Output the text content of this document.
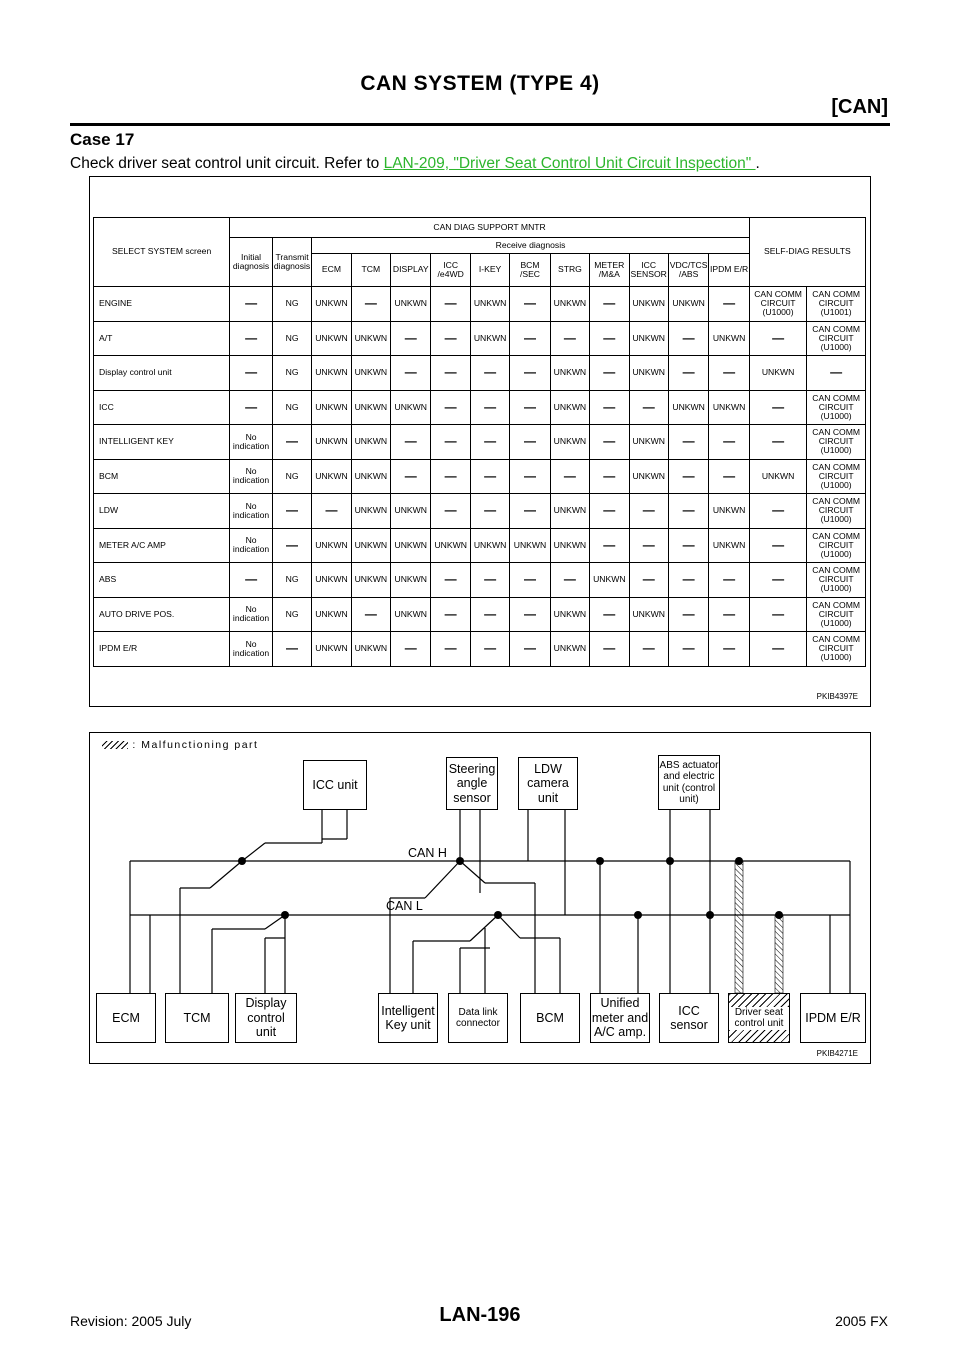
CAN SYSTEM (TYPE 4)
[CAN]
Case 17
Check driver seat control unit circuit. Refer to LAN-209, "Driver Seat Control Unit Circuit Inspection" .
SELECT SYSTEM screen	CAN DIAG SUPPORT MNTR													SELF-DIAG RESULTS	
	Initial diagnosis	Transmit diagnosis	Receive diagnosis												
			ECM	TCM	DISPLAY	ICC /e4WD	I-KEY	BCM /SEC	STRG	METER /M&A	ICC SENSOR	VDC/TCS /ABS	IPDM E/R		
ENGINE	—	NG	UNKWN	—	UNKWN	—	UNKWN	—	UNKWN	—	UNKWN	UNKWN	—	CAN COMM CIRCUIT (U1000)	CAN COMM CIRCUIT (U1001)
A/T	—	NG	UNKWN	UNKWN	—	—	UNKWN	—	—	—	UNKWN	—	UNKWN	—	CAN COMM CIRCUIT (U1000)
Display control unit	—	NG	UNKWN	UNKWN	—	—	—	—	UNKWN	—	UNKWN	—	—	UNKWN	—
ICC	—	NG	UNKWN	UNKWN	UNKWN	—	—	—	UNKWN	—	—	UNKWN	UNKWN	—	CAN COMM CIRCUIT (U1000)
INTELLIGENT KEY	No indication	—	UNKWN	UNKWN	—	—	—	—	UNKWN	—	UNKWN	—	—	—	CAN COMM CIRCUIT (U1000)
BCM	No indication	NG	UNKWN	UNKWN	—	—	—	—	—	—	UNKWN	—	—	UNKWN	CAN COMM CIRCUIT (U1000)
LDW	No indication	—	—	UNKWN	UNKWN	—	—	—	UNKWN	—	—	—	UNKWN	—	CAN COMM CIRCUIT (U1000)
METER A/C AMP	No indication	—	UNKWN	UNKWN	UNKWN	UNKWN	UNKWN	UNKWN	UNKWN	—	—	—	UNKWN	—	CAN COMM CIRCUIT (U1000)
ABS	—	NG	UNKWN	UNKWN	UNKWN	—	—	—	—	UNKWN	—	—	—	—	CAN COMM CIRCUIT (U1000)
AUTO DRIVE POS.	No indication	NG	UNKWN	—	UNKWN	—	—	—	UNKWN	—	UNKWN	—	—	—	CAN COMM CIRCUIT (U1000)
IPDM E/R	No indication	—	UNKWN	UNKWN	—	—	—	—	UNKWN	—	—	—	—	—	CAN COMM CIRCUIT (U1000)
PKIB4397E
: Malfunctioning part
CAN H
CAN L
ICC unit
Steering angle sensor
LDW camera unit
ABS actuator and electric unit (control unit)
ECM	TCM
Display control unit
Intelligent Key unit
Data link connector	BCM
Unified meter and A/C amp.
ICC sensor
Driver seat control unit	IPDM E/R
PKIB4271E
Revision: 2005 July	LAN-196	2005 FX
